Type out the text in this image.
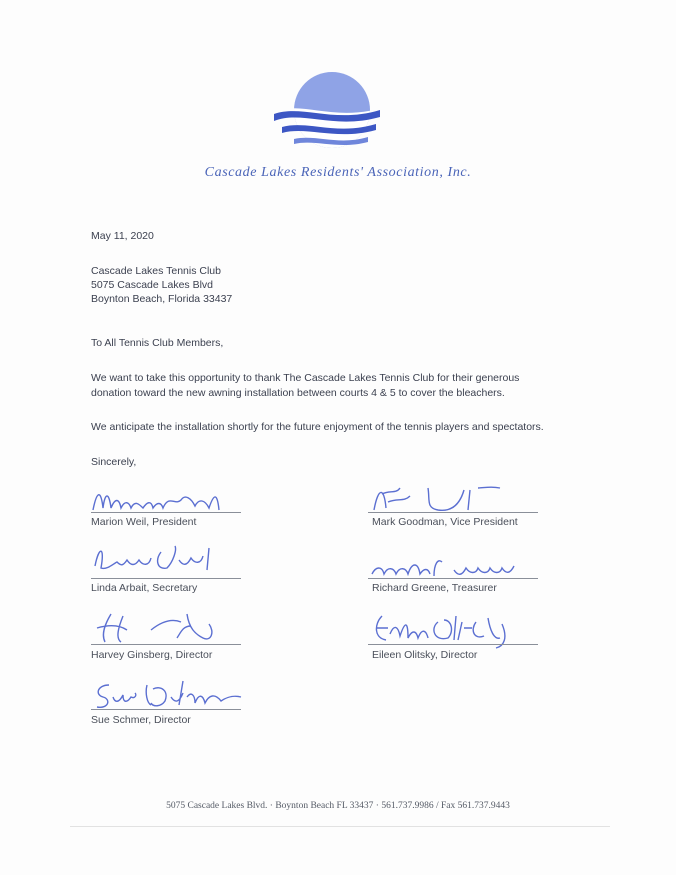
Cascade Lakes Residents' Association, Inc.
May 11, 2020
Cascade Lakes Tennis Club
5075 Cascade Lakes Blvd
Boynton Beach, Florida 33437
To All Tennis Club Members,
We want to take this opportunity to thank The Cascade Lakes Tennis Club for their generous
donation toward the new awning installation between courts 4 & 5 to cover the bleachers.
We anticipate the installation shortly for the future enjoyment of the tennis players and spectators.
Sincerely,
Marion Weil, President	Mark Goodman, Vice President
Linda Arbait, Secretary	Richard Greene, Treasurer
Harvey Ginsberg, Director	Eileen Olitsky, Director
Sue Schmer, Director
5075 Cascade Lakes Blvd. · Boynton Beach FL 33437 · 561.737.9986 / Fax 561.737.9443
